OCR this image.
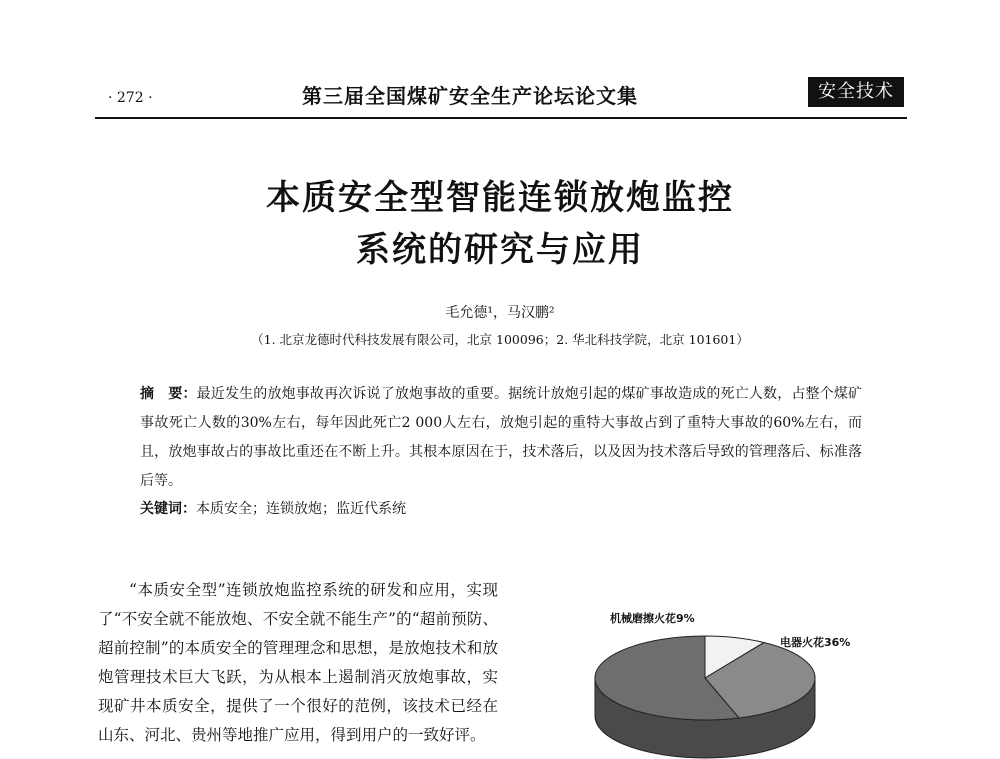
· 272 ·	第三届全国煤矿安全生产论坛论文集	安全技术
本质安全型智能连锁放炮监控
系统的研究与应用
毛允德¹，马汉鹏²
（1. 北京龙德时代科技发展有限公司，北京 100096；2. 华北科技学院，北京 101601）
摘　要：最近发生的放炮事故再次诉说了放炮事故的重要。据统计放炮引起的煤矿事故造成的死亡人数，占整个煤矿事故死亡人数的30%左右，每年因此死亡2 000人左右，放炮引起的重特大事故占到了重特大事故的60%左右，而且，放炮事故占的事故比重还在不断上升。其根本原因在于，技术落后，以及因为技术落后导致的管理落后、标准落后等。
关键词：本质安全；连锁放炮；监近代系统
“本质安全型”连锁放炮监控系统的研发和应用，实现了“不安全就不能放炮、不安全就不能生产”的“超前预防、超前控制”的本质安全的管理理念和思想，是放炮技术和放炮管理技术巨大飞跃，为从根本上遏制消灭放炮事故，实现矿井本质安全，提供了一个很好的范例，该技术已经在山东、河北、贵州等地推广应用，得到用户的一致好评。
机械磨擦火花9%
电器火花36%
